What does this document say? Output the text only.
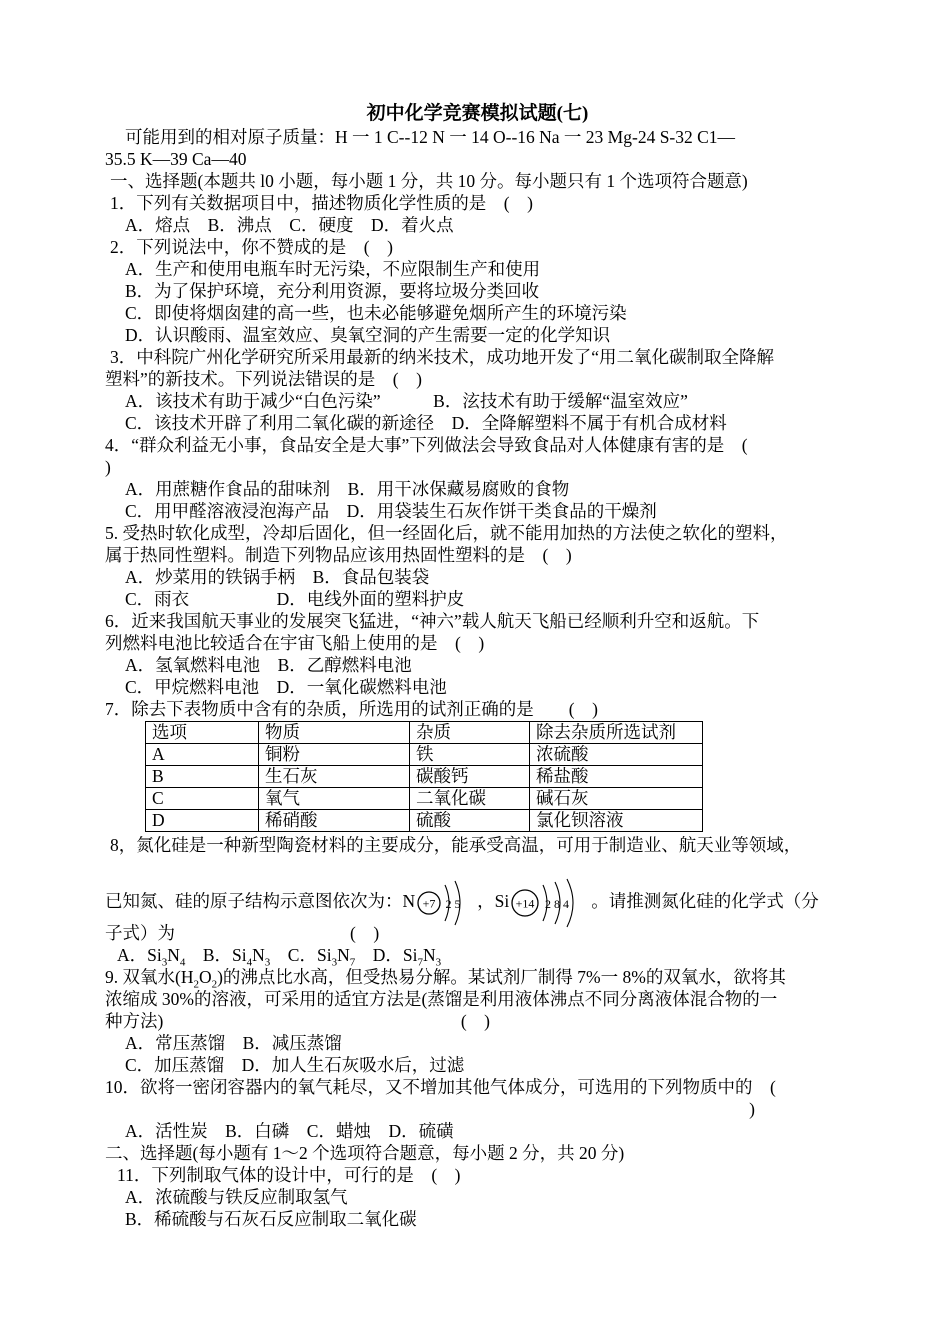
初中化学竞赛模拟试题(七)
可能用到的相对原子质量：H 一 1 C--12 N 一 14 O--16 Na 一 23 Mg-24 S-32 C1—
35.5 K—39 Ca—40
一、选择题(本题共 l0 小题，每小题 1 分，共 10 分。每小题只有 1 个选项符合题意)
1．下列有关数据项目中，描述物质化学性质的是　(　)
A．熔点　B．沸点　C．硬度　D．着火点
2．下列说法中，你不赞成的是　(　)
A．生产和使用电瓶车时无污染，不应限制生产和使用
B．为了保护环境，充分利用资源，要将垃圾分类回收
C．即使将烟囱建的高一些，也未必能够避免烟所产生的环境污染
D．认识酸雨、温室效应、臭氧空洞的产生需要一定的化学知识
3．中科院广州化学研究所采用最新的纳米技术，成功地开发了“用二氧化碳制取全降解
塑料”的新技术。下列说法错误的是　(　)
A．该技术有助于减少“白色污染”　　　B．泫技术有助于缓解“温室效应”
C．该技术开辟了利用二氧化碳的新途径　D．全降解塑料不属于有机合成材料
4．“群众利益无小事，食品安全是大事”下列做法会导致食品对人体健康有害的是　(
)
A．用蔗糖作食品的甜味剂　B．用干冰保藏易腐败的食物
C．用甲醛溶液浸泡海产品　D．用袋装生石灰作饼干类食品的干燥剂
5. 受热时软化成型，冷却后固化，但一经固化后，就不能用加热的方法使之软化的塑料，
属于热同性塑料。制造下列物品应该用热固性塑料的是　(　)
A．炒菜用的铁锅手柄　B．食品包装袋
C．雨衣　　　　　D．电线外面的塑料护皮
6．近来我国航天事业的发展突飞猛进，“神六”载人航天飞船已经顺利升空和返航。下
列燃料电池比较适合在宇宙飞船上使用的是　(　)
A．氢氧燃料电池　B．乙醇燃料电池
C．甲烷燃料电池　D．一氧化碳燃料电池
7．除去下表物质中含有的杂质，所选用的试剂正确的是　　(　)
选项	物质	杂质	除去杂质所选试剂
A	铜粉	铁	浓硫酸
B	生石灰	碳酸钙	稀盐酸
C	氧气	二氧化碳	碱石灰
D	稀硝酸	硫酸	氯化钡溶液
8，氮化硅是一种新型陶瓷材料的主要成分，能承受高温，可用于制造业、航天业等领域，
已知氮、硅的原子结构示意图依次为：N +7 2 5 ，Si +14 2 8 4 。请推测氮化硅的化学式（分
子式）为　　　　　　　　　　(　)
A．$Si_3N_4$ B．$Si_4N_3$ C．$Si_3N_7$ D．$Si_7N_3$
9. 双氧水$(H_2O_2)$的沸点比水高，但受热易分解。某试剂厂制得 7%一 8%的双氧水，欲将其
浓缩成 30%的溶液，可采用的适宜方法是(蒸馏是利用液体沸点不同分离液体混合物的一
种方法)　　　　　　　　　　　　　　　　　(　)
A．常压蒸馏　B．减压蒸馏
C．加压蒸馏　D．加人生石灰吸水后，过滤
10．欲将一密闭容器内的氧气耗尽，又不增加其他气体成分，可选用的下列物质中的　(
)
A．活性炭　B．白磷　C．蜡烛　D．硫磺
二、选择题(每小题有 1～2 个选项符合题意，每小题 2 分，共 20 分)
11．下列制取气体的设计中，可行的是　(　)
A．浓硫酸与铁反应制取氢气
B．稀硫酸与石灰石反应制取二氧化碳
